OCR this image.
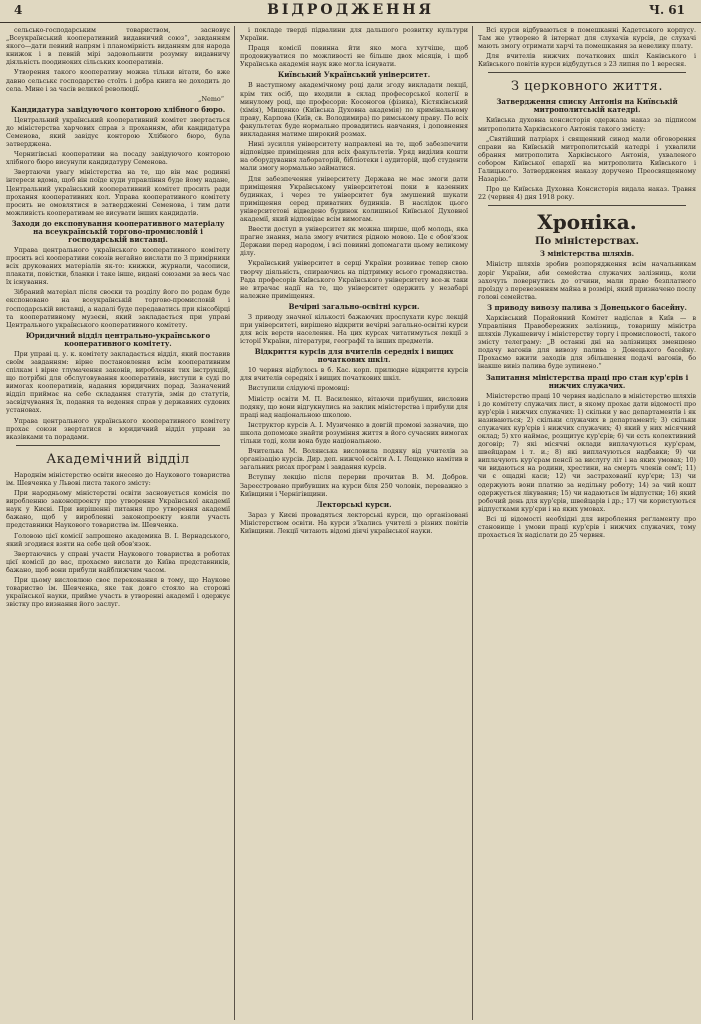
4	ВІДРОДЖЕННЯ	Ч. 61

сельсько-господарським товариством, засновує „Всеукраїнський кооперативний видавничий союз“, завданням якого—дати певний напрям і планомірність виданням для народа книжок і в певній мірі задовольнити розумну видавничу діяльність поодиноких сільських кооперативів.

Утворення такого кооперативу можна тільки вітати, бо вже давно сельськє господарство стоїть і добра книга не доходить до села. Мине і за часів великої революції.

„Nemo“
Кандидатура завідуючого конторою хлібного бюро.

Центральний український кооперативний комітет звертається до міністерства харчових справ з проханням, аби кандидатура Семенова, який завідує конторою Хлібного бюро, була затверджена.

Чернигівські кооперативи на посаду завідуючого конторою хлібного бюро висунули кандидатуру Семенова.

Звертаючи увагу міністерства на те, що він має родинні інтереси вдома, щоб він поїде куди управління буде йому надане, Центральний український кооперативний комітет просить ради прохання кооперативних кол. Управа кооперативного комітету просить не омовлятися в затвердженні Семенова, і тим дати можливість кооперативам не висувати інших кандидатів.

Заходи до експонування кооперативного матеріалу на всеукраїнській торгово-промисловій і господарській виставці.

Управа центрального українського кооперативного комітету просить всі кооперативи союзів негайно вислати по 3 примірники всіх друкованих матеріалів як-то: книжки, журнали, часописи, плакати, повістки, бланки і таке інше, видані союзами за весь час їх існування.

Зібраний матеріал після своєки та розділу його по родам буде експоновано на всеукраїнській торгово-промисловій і господарській виставці, а надалі буде передаватись при кінсобірці та кооперативному музеєві, який закладається при управі Центрального українського кооперативного комітету.

Юридичний відділ центрально-українського кооперативного комітету.

При управі ц. у. к. комітету закладається відділ, який поставив своїм завданням: вірне постановлення всім кооперативним спілкам і вірне тлумачення законів, вироблення тих інструкцій, що потрібні для обслуговування кооперативів, виступи в суді по вимогах кооперативів, надання юридичних порад. Зазначений відділ приймає на себе складання статутів, змін до статутів, засвідчування їх, подання та ведення справ у державних судових установах.

Управа центрального українського кооперативного комітету прохає союзи звертатися в юридичний відділ управи за вказівками та порадами.

Академічний відділ

Народнім міністерство освіти внесено до Наукового товариства ім. Шевченка у Львові листа такого змісту:

При народньому міністерстві освіти засновується комісія по виробленню законопроекту про утворення Української академії наук у Києві. При вирішенні питання про утворення академії бажано, щоб у виробленні законопроекту взяли участь представники Наукового товариства ім. Шевченка.

Головою цієї комісії запрошено академика В. І. Вернадського, який згодився взяти на себе цей обов'язок.

Звертаючись у справі участи Наукового товариства в роботах цієї комісії до вас, прохаємо вислати до Київа представників, бажано, щоб вони прибули найближчим часом.

При цьому висловлюю своє переконання в тому, що Наукове товариство ім. Шевченка, яке так довго стояло на сторожі української науки, прийме участь в утворенні академії і одержує звістку про визнання його заслуг.

і покладе тверді підвалини для дальшого розвитку культури України.

Праця комісії повинна йти яко мога хутчіше, щоб продовжуватися по можливості не більше двох місяців, і щоб Українська академія наук вже могла існувати.

Київський Український університет.

В наступному академічному році дали згоду викладати лекції, крім тих осіб, що входили в склад професорської колегії в минулому році, ще професори: Косоногов (фізика), Кістяківський (хімія), Мищенко (Київська Духовна академія) по кримінальному праву, Карпова (Київ, св. Володимира) по римському праву. По всіх факультетах буде нормально провадитись навчання, і доповнення викладання матиме широкий розмах.

Нині зусилля університету направлені на те, щоб забезпечити відповідне приміщення для всіх факультетів. Уряд виділив кошти на оборудування лабораторій, бібліотеки і аудиторій, щоб студенти мали змогу нормально займатися.

Для забезпечення університету Держава не має змоги дати приміщення Українському університетові поки в казенних будинках, і через те університет був змушений шукати приміщення серед приватних будинків. В наслідок цього університетові відведено будинок колишньої Київської Духовної академії, який відповідає всім вимогам.

Ввести доступ в університет як можна ширше, щоб молодь, яка прагне знання, мала змогу вчитися рідною мовою. Це є обов'язок Держави перед народом, і всі повинні допомагати цьому великому ділу.

Український університет в серці України розвиває тепер свою творчу діяльність, спираючись на підтримку всього громадянства. Рада професорів Київського Українського університету все-ж таки не втрачає надії на те, що університет одержить у незабарі належне приміщення.

Вечірні загально-освітні курси.

З приводу значної кількості бажаючих прослухати курс лекцій при університеті, вирішено відкрити вечірні загально-освітні курси для всіх верств населення. На цих курсах читатимуться лекції з історії України, літератури, географії та інших предметів.

Відкриття курсів для вчителів середніх і вищих початкових шкіл.

10 червня відбулось в б. Кас. корп. прилюдне відкриття курсів для вчителів середніх і вищих початкових шкіл.

Виступили слідуючі промовці:

Міністр освіти М. П. Василенко, вітаючи прибуших, висловив подяку, що вони відгукнулись на заклик міністерства і прибули для праці над національною школою.

Інструктор курсів А. І. Музиченко в довгій промові зазначив, що школа допоможе знайти розуміння життя в його сучасних вимогах тільки тоді, коли вона буде національною.

Вчителька М. Волянська висловила подяку від учителів за організацію курсів. Дир. деп. нижчої освіти А. І. Лещенко намітив в загальних рисах програм і завдання курсів.

Вступну лекцію після перерви прочитав В. М. Добров. Зареєстровано прибувших на курси біля 250 чоловік, переважно з Київщини і Чернігівщини.

Лекторські курси.

Зараз у Києві провадяться лекторські курси, що організовані Міністерством освіти. На курси з'їхались учителі з різних повітів Київщини. Лекції читають відомі діячі української науки.

Всі курси відбуваються в помешканні Кадетського корпусу. Там же утворено й інтернат для слухачів курсів, де слухачі мають змогу отримати харчі та помешкання за невелику плату.

Для вчителів нижчих початкових шкіл Канівського і Київського повітів курси відбудуться з 23 липня по 1 вересня.

З церковного життя.
Затвердження списку Антонія на Київській митрополитській катедрі.

Київська духовна консисторія одержала наказ за підписом митрополита Харківського Антонія такого змісту:

„Святійший патріарх і священний синод мали обговорення справи на Київській митрополитській катедрі і ухвалили обрання митрополита Харківського Антонія, ухваленого собором Київської епархії на митрополита Київського і Галицького. Затвердження наказу доручено Преосвященному Назарію.“

Про це Київська Духовна Консисторія видала наказ. Травня 22 (червня 4) дня 1918 року.

Хроніка.
По міністерствах.
З міністерства шляхів.

Міністр шляхів зробив розпорядження всім начальникам доріг України, аби семейства служачих залізниць, коли захочуть повернутись до отчини, мали право безплатного проїзду з перевезенням майна в розмірі, який призначено послу голові семейства.

З приводу вивозу палива з Донецького басейну.

Харківський Порайонний Комітет надіслав в Київ — в Управління Правобережних залізниць, товаришу міністра шляхів Лукашевичу і міністерству торгу і промисловості, такого змісту телеграму: „В останні дні на залізницях зменшено подачу вагонів для вивозу палива з Донецького басейну. Прохаємо вжити заходів для збільшення подачі вагонів, бо інакше вивіз палива буде зупинено.“

Запитання міністерства праці про стан кур'єрів і нижчих служачих.

Міністерство праці 10 червня надіслало в міністерство шляхів і до комітету служачих лист, в якому прохає дати відомості про кур'єрів і нижчих служачих: 1) скільки у вас департаментів і як називаються; 2) скільки служачих в департаменті; 3) скільки служачих кур'єрів і нижчих служачих; 4) який у них місячний оклад; 5) хто наймає, розщитує кур'єрів; 6) чи єсть колективний договір; 7) які місячні оклади виплачуються кур'єрам, швейцарам і т. и.; 8) які виплачуються надбавки; 9) чи виплачують кур'єрам пенсії за вислугу літ і на яких умовах; 10) чи видаються на родини, хрестини, на смерть членів сем'ї; 11) чи є ощадні каси; 12) чи застрахованії кур'єри; 13) чи одержують вони платню за недільну роботу; 14) за чий кошт одержується лікування; 15) чи надаються їм відпустки; 16) який робочий день для кур'єрів, швейцарів і др.; 17) чи користуються відпустками кур'єри і на яких умовах.

Всі ці відомості необхідні для вироблення реґламенту про становище і умови праці кур'єрів і нижчих служачих, тому прохається їх надіслати до 25 червня.
